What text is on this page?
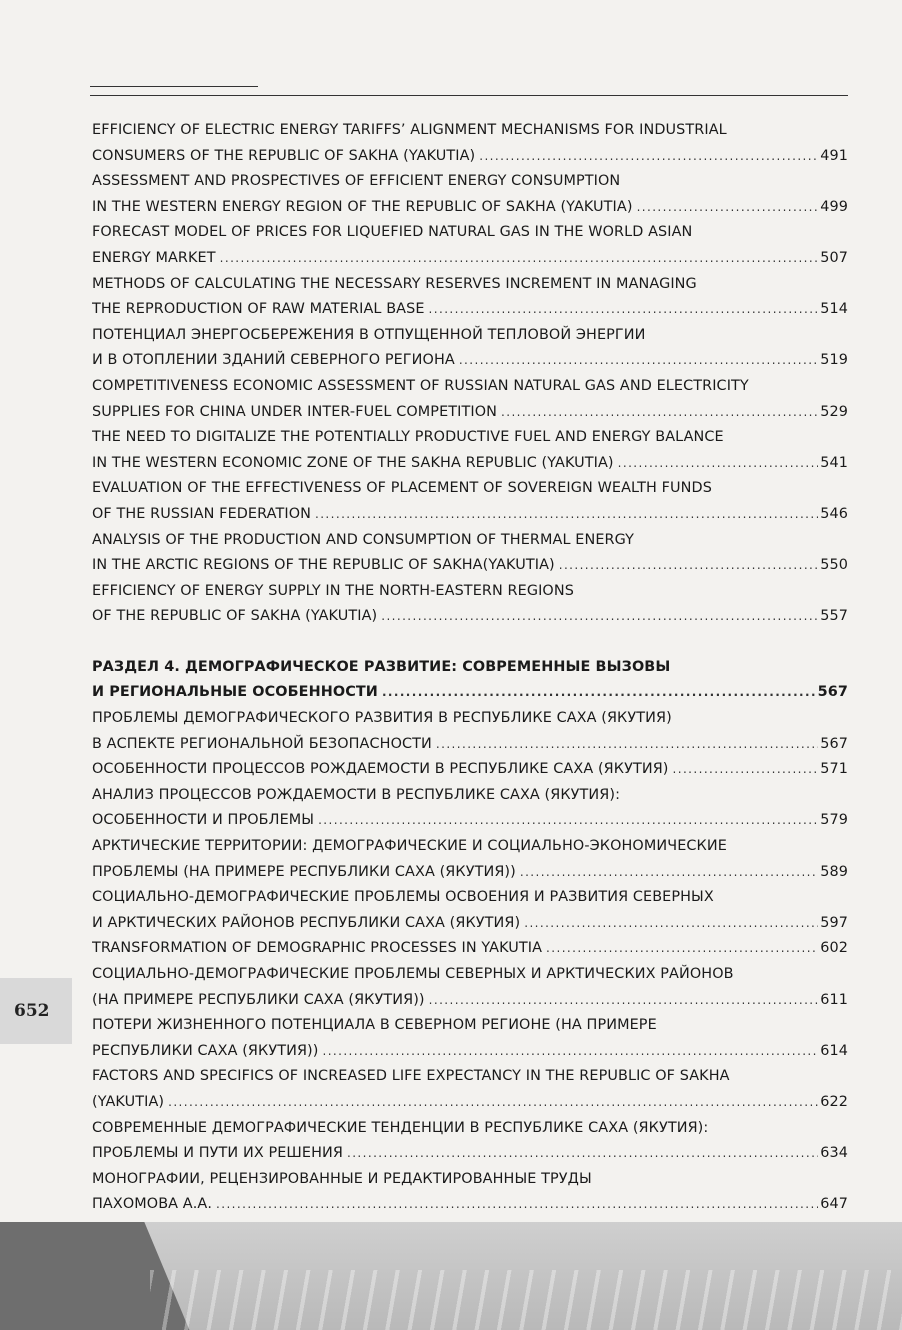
EFFICIENCY OF ELECTRIC ENERGY TARIFFS’ ALIGNMENT MECHANISMS FOR INDUSTRIAL
CONSUMERS OF THE REPUBLIC OF SAKHA (YAKUTIA) .....	491
ASSESSMENT AND PROSPECTIVES OF EFFICIENT ENERGY CONSUMPTION
IN THE WESTERN ENERGY REGION OF THE REPUBLIC OF SAKHA (YAKUTIA) .....	499
FORECAST MODEL OF PRICES FOR LIQUEFIED NATURAL GAS IN THE WORLD ASIAN
ENERGY MARKET .....	507
METHODS OF CALCULATING THE NECESSARY RESERVES INCREMENT IN MANAGING
THE REPRODUCTION OF RAW MATERIAL BASE .....	514
ПОТЕНЦИАЛ ЭНЕРГОСБЕРЕЖЕНИЯ В ОТПУЩЕННОЙ ТЕПЛОВОЙ ЭНЕРГИИ
И В ОТОПЛЕНИИ ЗДАНИЙ СЕВЕРНОГО РЕГИОНА .....	519
COMPETITIVENESS ECONOMIC ASSESSMENT OF RUSSIAN NATURAL GAS AND ELECTRICITY
SUPPLIES FOR CHINA UNDER INTER-FUEL COMPETITION .....	529
THE NEED TO DIGITALIZE THE POTENTIALLY PRODUCTIVE FUEL AND ENERGY BALANCE
IN THE WESTERN ECONOMIC ZONE OF THE SAKHA REPUBLIC (YAKUTIA) .....	541
EVALUATION OF THE EFFECTIVENESS OF PLACEMENT OF SOVEREIGN WEALTH FUNDS
OF THE RUSSIAN FEDERATION .....	546
ANALYSIS OF THE PRODUCTION AND CONSUMPTION OF THERMAL ENERGY
IN THE ARCTIC REGIONS OF THE REPUBLIC OF SAKHA(YAKUTIA) .....	550
EFFICIENCY OF ENERGY SUPPLY IN THE NORTH-EASTERN REGIONS
OF THE REPUBLIC OF SAKHA (YAKUTIA) .....	557
РАЗДЕЛ 4. ДЕМОГРАФИЧЕСКОЕ РАЗВИТИЕ: СОВРЕМЕННЫЕ ВЫЗОВЫ
И РЕГИОНАЛЬНЫЕ ОСОБЕННОСТИ .....	567
ПРОБЛЕМЫ ДЕМОГРАФИЧЕСКОГО РАЗВИТИЯ В РЕСПУБЛИКЕ САХА (ЯКУТИЯ)
В АСПЕКТЕ РЕГИОНАЛЬНОЙ БЕЗОПАСНОСТИ .....	567
ОСОБЕННОСТИ ПРОЦЕССОВ РОЖДАЕМОСТИ В РЕСПУБЛИКЕ САХА (ЯКУТИЯ) .....	571
АНАЛИЗ ПРОЦЕССОВ РОЖДАЕМОСТИ В РЕСПУБЛИКЕ САХА (ЯКУТИЯ):
ОСОБЕННОСТИ И ПРОБЛЕМЫ .....	579
АРКТИЧЕСКИЕ ТЕРРИТОРИИ: ДЕМОГРАФИЧЕСКИЕ И СОЦИАЛЬНО-ЭКОНОМИЧЕСКИЕ
ПРОБЛЕМЫ (НА ПРИМЕРЕ РЕСПУБЛИКИ САХА (ЯКУТИЯ)) .....	589
СОЦИАЛЬНО-ДЕМОГРАФИЧЕСКИЕ ПРОБЛЕМЫ ОСВОЕНИЯ И РАЗВИТИЯ СЕВЕРНЫХ
И АРКТИЧЕСКИХ РАЙОНОВ РЕСПУБЛИКИ САХА (ЯКУТИЯ) .....	597
TRANSFORMATION OF DEMOGRAPHIC PROCESSES IN YAKUTIA .....	602
СОЦИАЛЬНО-ДЕМОГРАФИЧЕСКИЕ ПРОБЛЕМЫ СЕВЕРНЫХ И АРКТИЧЕСКИХ РАЙОНОВ
(НА ПРИМЕРЕ РЕСПУБЛИКИ САХА (ЯКУТИЯ)) .....	611
ПОТЕРИ ЖИЗНЕННОГО ПОТЕНЦИАЛА В СЕВЕРНОМ РЕГИОНЕ (НА ПРИМЕРЕ
РЕСПУБЛИКИ САХА (ЯКУТИЯ)) .....	614
FACTORS AND SPECIFICS OF INCREASED LIFE EXPECTANCY IN THE REPUBLIC OF SAKHA
(YAKUTIA) .....	622
СОВРЕМЕННЫЕ ДЕМОГРАФИЧЕСКИЕ ТЕНДЕНЦИИ В РЕСПУБЛИКЕ САХА (ЯКУТИЯ):
ПРОБЛЕМЫ И ПУТИ ИХ РЕШЕНИЯ .....	634
МОНОГРАФИИ, РЕЦЕНЗИРОВАННЫЕ И РЕДАКТИРОВАННЫЕ ТРУДЫ
ПАХОМОВА А.А. .....	647
652
